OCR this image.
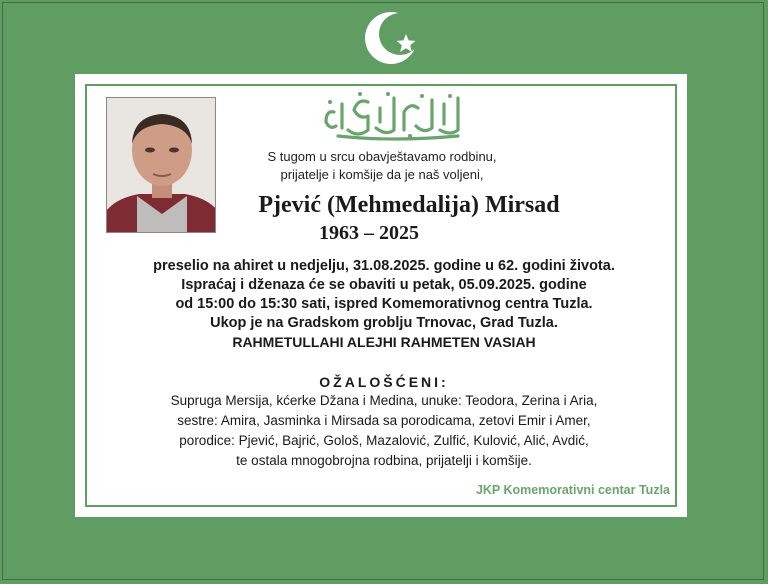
S tugom u srcu obavještavamo rodbinu,
prijatelje i komšije da je naš voljeni,
Pjević (Mehmedalija) Mirsad
1963 – 2025
preselio na ahiret u nedjelju, 31.08.2025. godine u 62. godini života.
Ispraćaj i dženaza će se obaviti u petak, 05.09.2025. godine
od 15:00 do 15:30 sati, ispred Komemorativnog centra Tuzla.
Ukop je na Gradskom groblju Trnovac, Grad Tuzla.
RAHMETULLAHI ALEJHI RAHMETEN VASIAH
OŽALOŠĆENI:
Supruga Mersija, kćerke Džana i Medina, unuke: Teodora, Zerina i Aria,
sestre: Amira, Jasminka i Mirsada sa porodicama, zetovi Emir i Amer,
porodice: Pjević, Bajrić, Gološ, Mazalović, Zulfić, Kulović, Alić, Avdić,
te ostala mnogobrojna rodbina, prijatelji i komšije.
JKP Komemorativni centar Tuzla
